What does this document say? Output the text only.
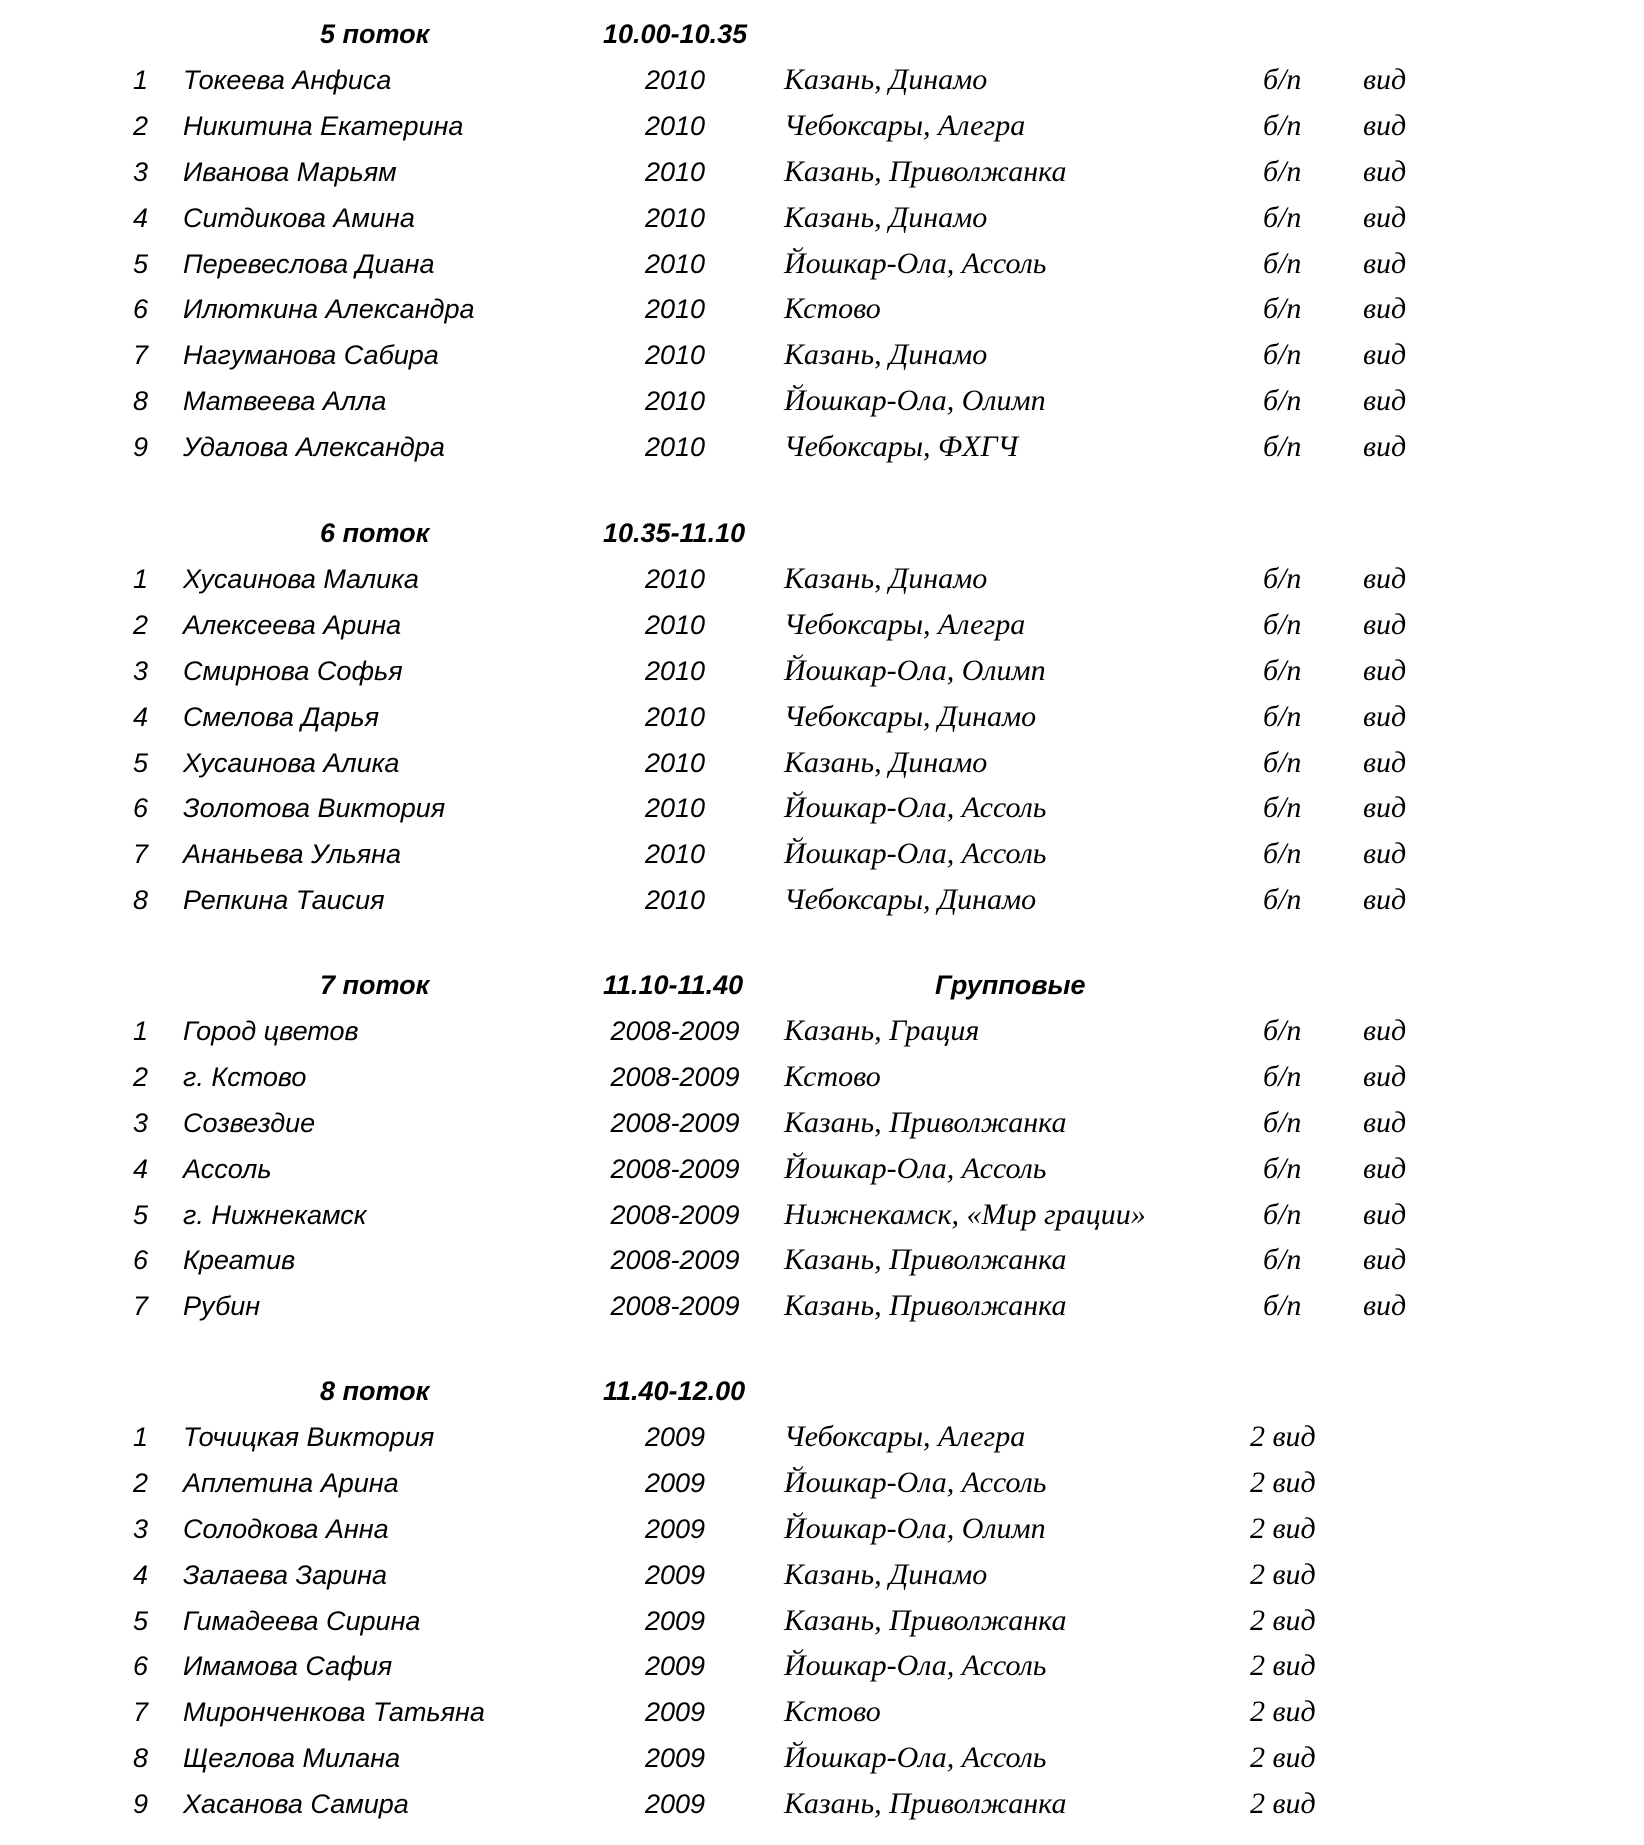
5 поток	10.00-10.35
1 Токеева Анфиса	2010	Казань, Динамо	б/п вид
2 Никитина Екатерина	2010	Чебоксары, Алегра	б/п вид
3 Иванова Марьям	2010	Казань, Приволжанка	б/п вид
4 Ситдикова Амина	2010	Казань, Динамо	б/п вид
5 Перевеслова Диана	2010	Йошкар-Ола, Ассоль	б/п вид
6 Илюткина Александра	2010	Кстово	б/п вид
7 Нагуманова Сабира	2010	Казань, Динамо	б/п вид
8 Матвеева Алла	2010	Йошкар-Ола, Олимп	б/п вид
9 Удалова Александра	2010	Чебоксары, ФХГЧ	б/п вид
6 поток	10.35-11.10
1 Хусаинова Малика	2010	Казань, Динамо	б/п вид
2 Алексеева Арина	2010	Чебоксары, Алегра	б/п вид
3 Смирнова Софья	2010	Йошкар-Ола, Олимп	б/п вид
4 Смелова Дарья	2010	Чебоксары, Динамо	б/п вид
5 Хусаинова Алика	2010	Казань, Динамо	б/п вид
6 Золотова Виктория	2010	Йошкар-Ола, Ассоль	б/п вид
7 Ананьева Ульяна	2010	Йошкар-Ола, Ассоль	б/п вид
8 Репкина Таисия	2010	Чебоксары, Динамо	б/п вид
7 поток	11.10-11.40	Групповые
1 Город цветов	2008-2009	Казань, Грация	б/п вид
2 г. Кстово	2008-2009	Кстово	б/п вид
3 Созвездие	2008-2009	Казань, Приволжанка	б/п вид
4 Ассоль	2008-2009	Йошкар-Ола, Ассоль	б/п вид
5 г. Нижнекамск	2008-2009	Нижнекамск, «Мир грации»	б/п вид
6 Креатив	2008-2009	Казань, Приволжанка	б/п вид
7 Рубин	2008-2009	Казань, Приволжанка	б/п вид
8 поток	11.40-12.00
1 Точицкая Виктория	2009	Чебоксары, Алегра	2 вид
2 Аплетина Арина	2009	Йошкар-Ола, Ассоль	2 вид
3 Солодкова Анна	2009	Йошкар-Ола, Олимп	2 вид
4 Залаева Зарина	2009	Казань, Динамо	2 вид
5 Гимадеева Сирина	2009	Казань, Приволжанка	2 вид
6 Имамова Сафия	2009	Йошкар-Ола, Ассоль	2 вид
7 Миронченкова Татьяна	2009	Кстово	2 вид
8 Щеглова Милана	2009	Йошкар-Ола, Ассоль	2 вид
9 Хасанова Самира	2009	Казань, Приволжанка	2 вид
